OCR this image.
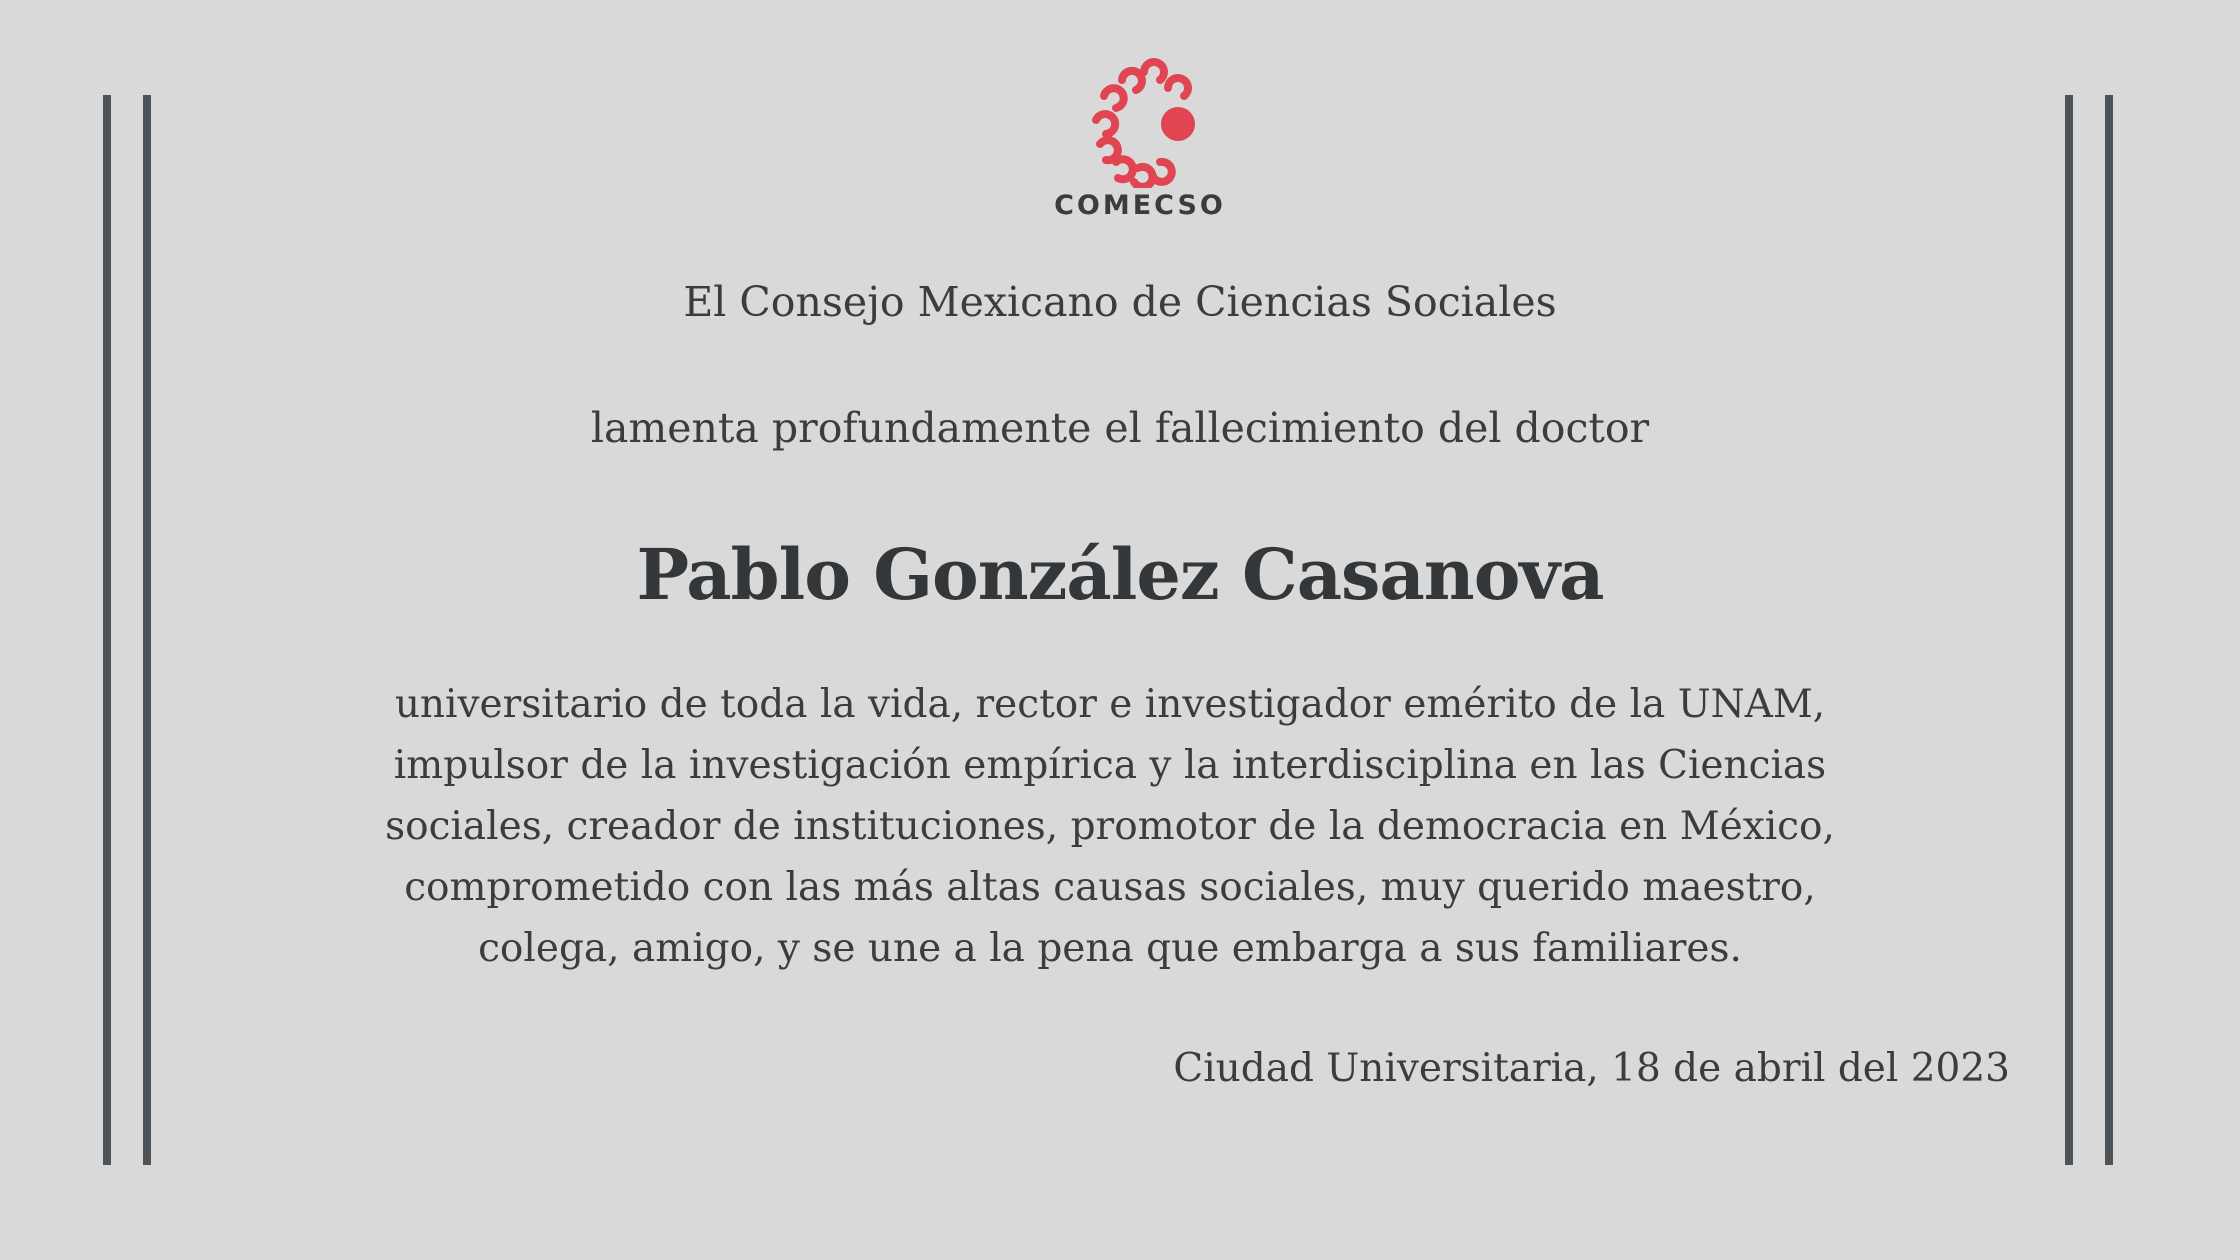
COMECSO

El Consejo Mexicano de Ciencias Sociales

lamenta profundamente el fallecimiento del doctor

Pablo González Casanova

universitario de toda la vida, rector e investigador emérito de la UNAM, impulsor de la investigación empírica y la interdisciplina en las Ciencias sociales, creador de instituciones, promotor de la democracia en México, comprometido con las más altas causas sociales, muy querido maestro, colega, amigo, y se une a la pena que embarga a sus familiares.

Ciudad Universitaria, 18 de abril del 2023
